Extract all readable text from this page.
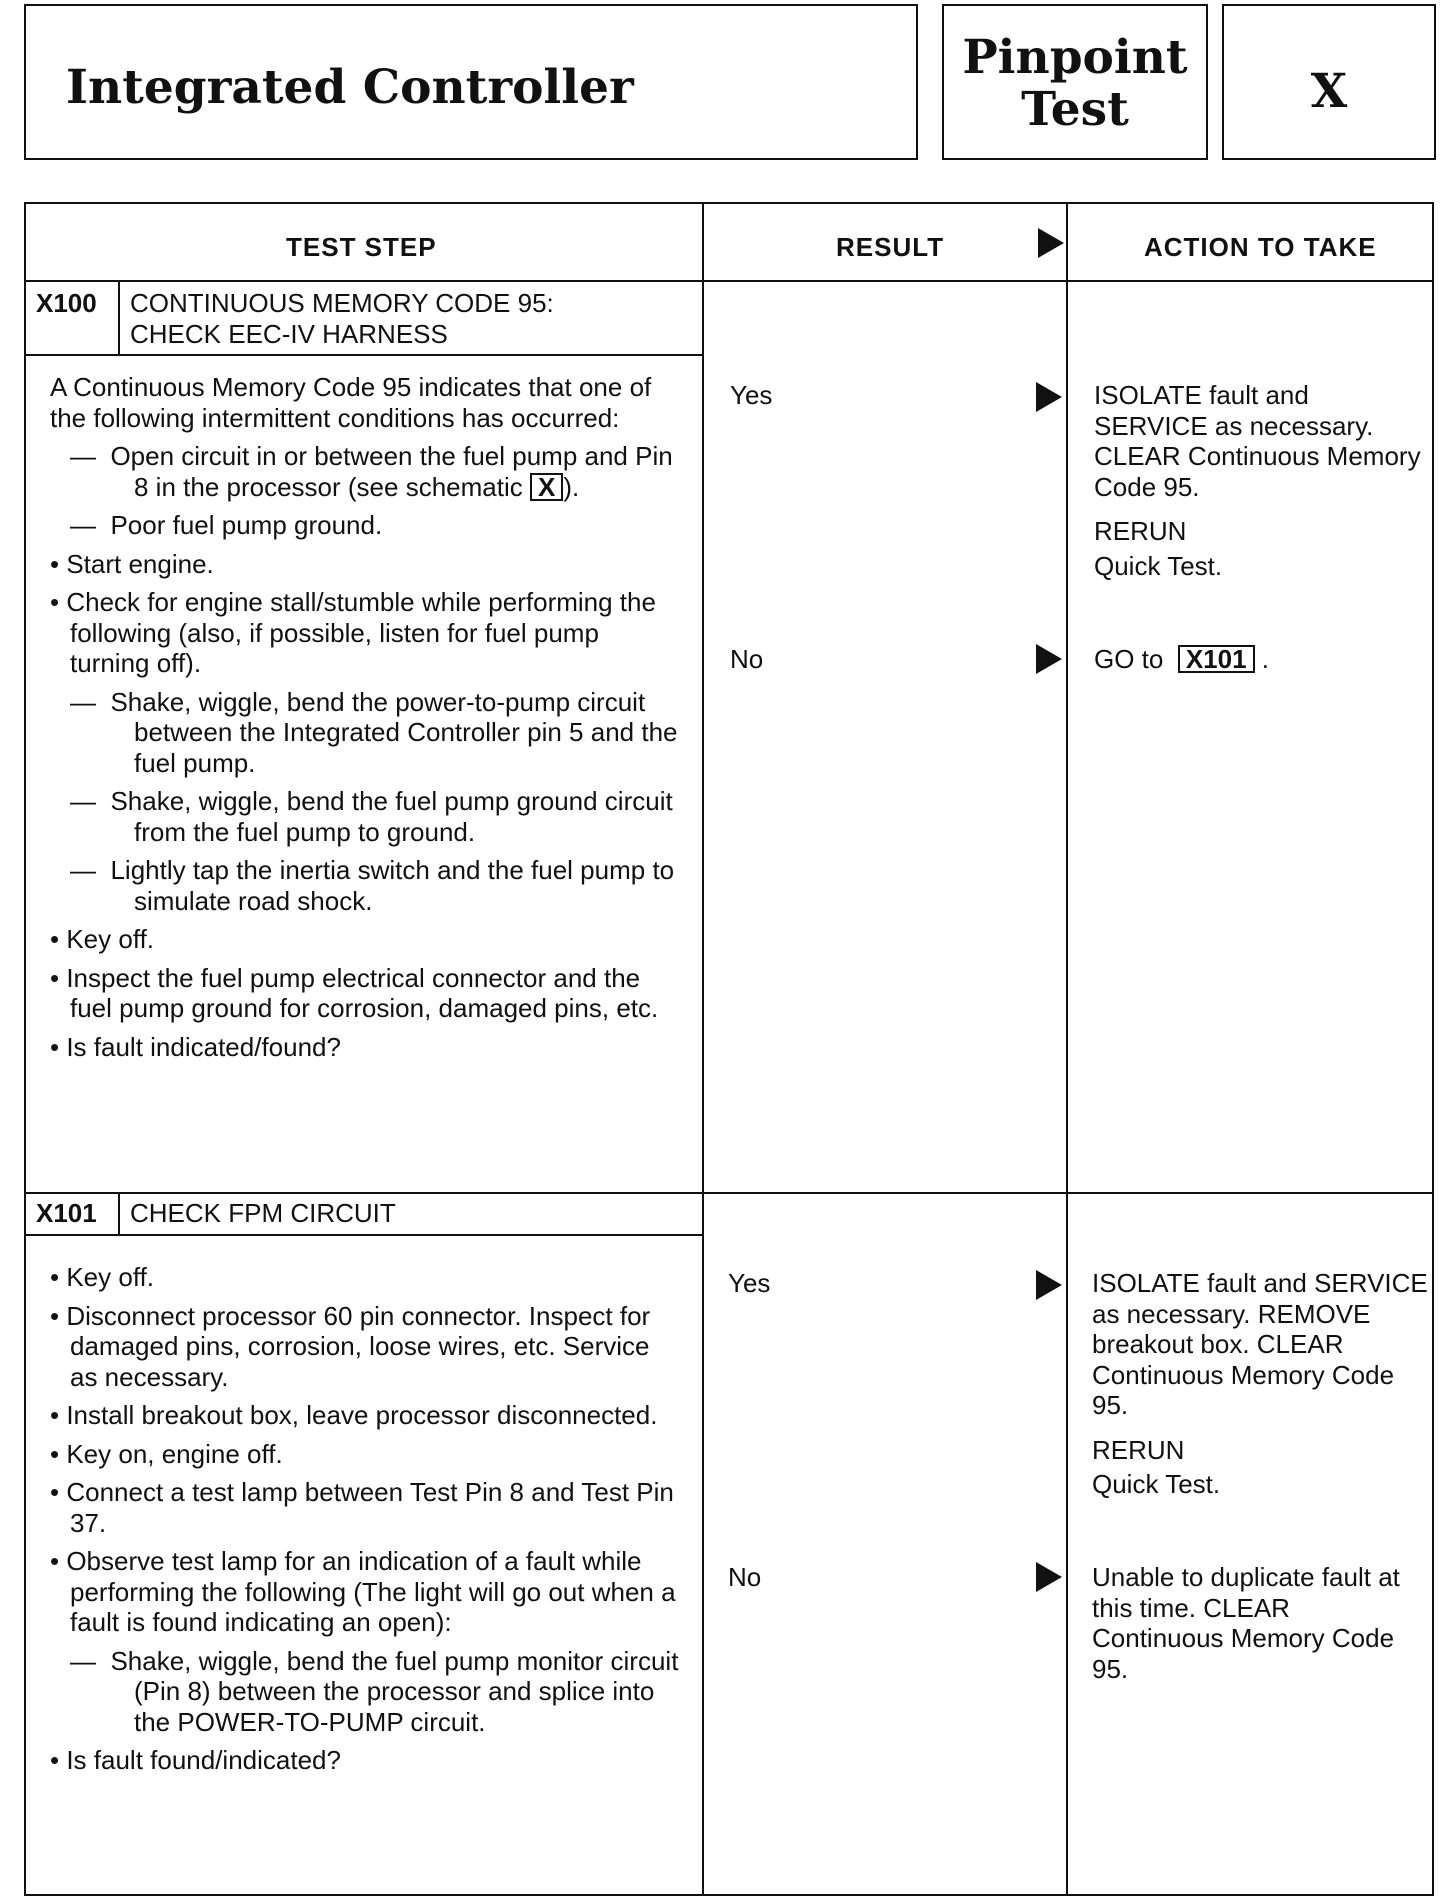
Integrated Controller
Pinpoint
Test	X
TEST STEP	RESULT	ACTION TO TAKE
X100 CONTINUOUS MEMORY CODE 95:
CHECK EEC-IV HARNESS

A Continuous Memory Code 95 indicates that one of the following intermittent conditions has occurred:

—  Open circuit in or between the fuel pump and Pin 8 in the processor (see schematic X ).

—  Poor fuel pump ground.

• Start engine.

• Check for engine stall/stumble while performing the following (also, if possible, listen for fuel pump turning off).

—  Shake, wiggle, bend the power-to-pump circuit between the Integrated Controller pin 5 and the fuel pump.

—  Shake, wiggle, bend the fuel pump ground circuit from the fuel pump to ground.

—  Lightly tap the inertia switch and the fuel pump to simulate road shock.

• Key off.

• Inspect the fuel pump electrical connector and the fuel pump ground for corrosion, damaged pins, etc.

• Is fault indicated/found?

Yes	ISOLATE fault and SERVICE as necessary. CLEAR Continuous Memory Code 95.

RERUN

Quick Test.

No	GO to X101 .
X101 CHECK FPM CIRCUIT

• Key off.

• Disconnect processor 60 pin connector. Inspect for damaged pins, corrosion, loose wires, etc. Service as necessary.

• Install breakout box, leave processor disconnected.

• Key on, engine off.

• Connect a test lamp between Test Pin 8 and Test Pin 37.

• Observe test lamp for an indication of a fault while performing the following (The light will go out when a fault is found indicating an open):

—  Shake, wiggle, bend the fuel pump monitor circuit (Pin 8) between the processor and splice into the POWER-TO-PUMP circuit.

• Is fault found/indicated?

Yes	ISOLATE fault and SERVICE as necessary. REMOVE breakout box. CLEAR Continuous Memory Code 95.

RERUN

Quick Test.

No	Unable to duplicate fault at this time. CLEAR Continuous Memory Code 95.
